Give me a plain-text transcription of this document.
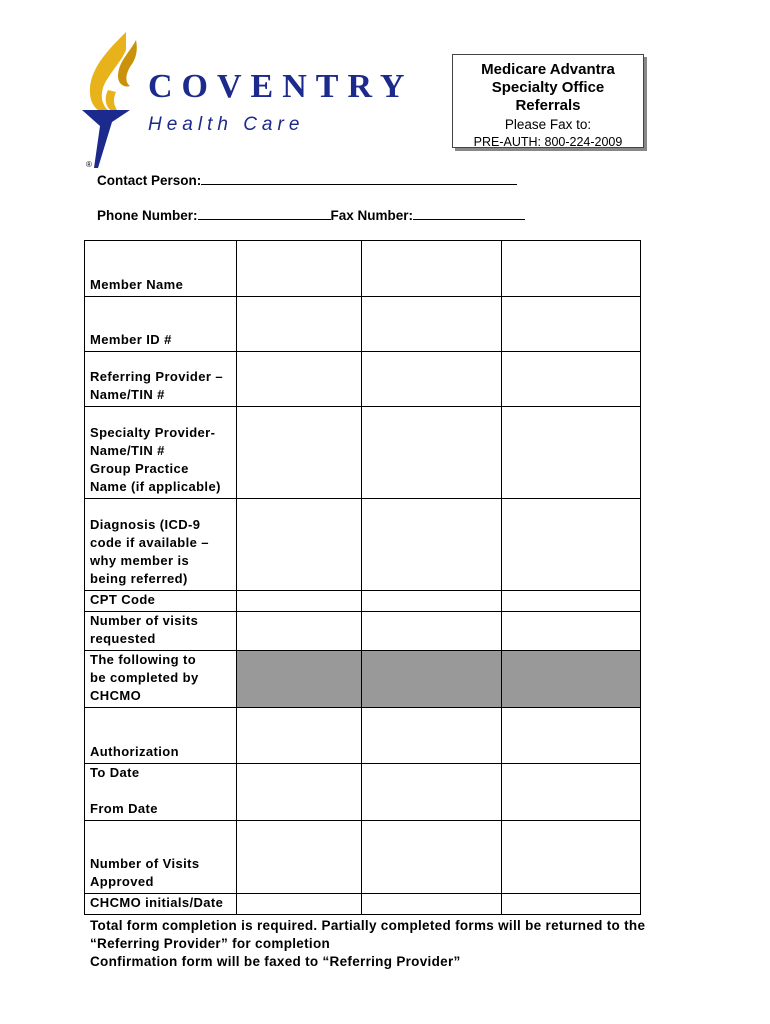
®
COVENTRY
Health Care
Medicare Advantra
Specialty Office
Referrals
Please Fax to:
PRE-AUTH: 800-224-2009
Contact Person:
Phone Number:	Fax Number:
Member Name			

Member ID #			

Referring Provider –
Name/TIN #			

Specialty Provider-
Name/TIN #
Group Practice
Name (if applicable)			

Diagnosis (ICD-9
code if available –
why member is
being referred)			

CPT Code			

Number of visits
requested			

The following to
be completed by
CHCMO			

Authorization			

To Date
From Date			

Number of Visits
Approved			

CHCMO initials/Date			

Total form completion is required. Partially completed forms will be returned to the
“Referring Provider” for completion
Confirmation form will be faxed to “Referring Provider”
